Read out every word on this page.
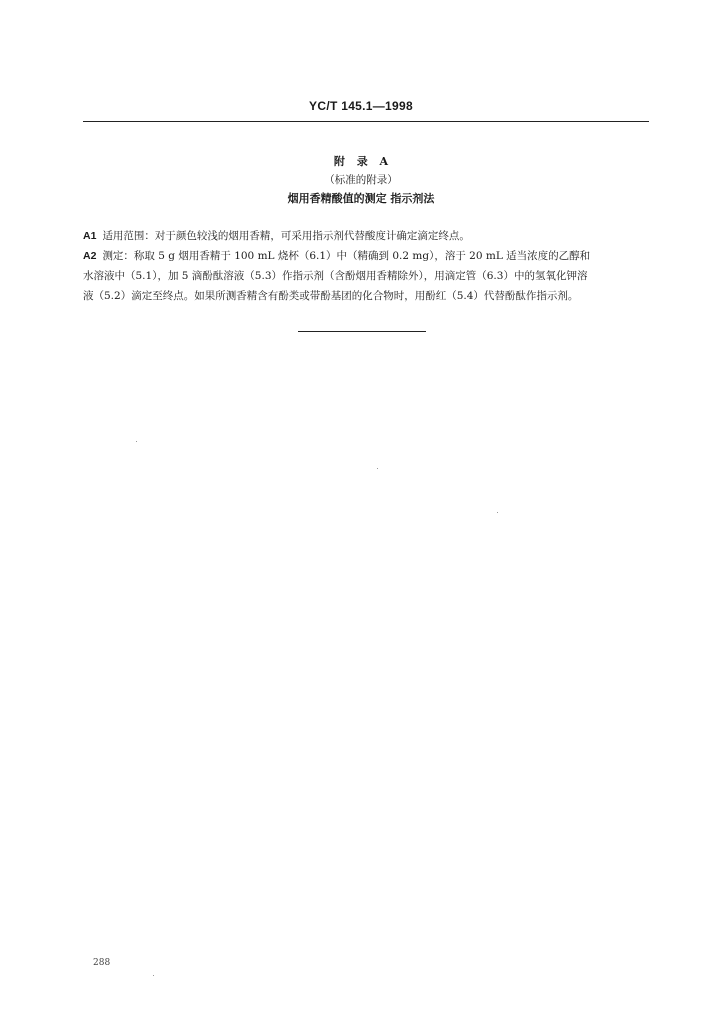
YC/T 145.1—1998
附 录 A
（标准的附录）
烟用香精酸值的测定 指示剂法
A1 适用范围：对于颜色较浅的烟用香精，可采用指示剂代替酸度计确定滴定终点。
A2 测定：称取 5 g 烟用香精于 100 mL 烧杯（6.1）中（精确到 0.2 mg），溶于 20 mL 适当浓度的乙醇和
水溶液中（5.1），加 5 滴酚酞溶液（5.3）作指示剂（含酚烟用香精除外），用滴定管（6.3）中的氢氧化钾溶
液（5.2）滴定至终点。如果所测香精含有酚类或带酚基团的化合物时，用酚红（5.4）代替酚酞作指示剂。
288
